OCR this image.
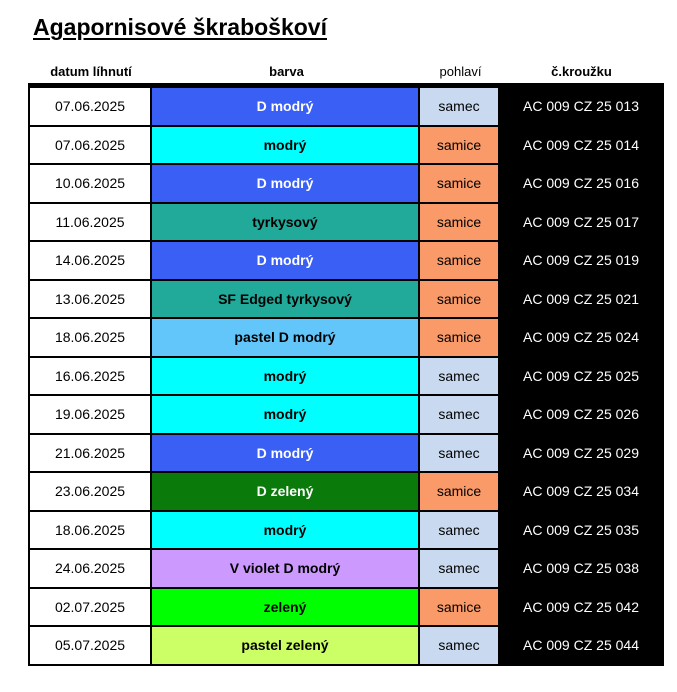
Agapornisové škraboškoví
datum líhnutí	barva	pohlaví	č.kroužku
07.06.2025	D modrý	samec	AC 009 CZ 25 013
07.06.2025	modrý	samice	AC 009 CZ 25 014
10.06.2025	D modrý	samice	AC 009 CZ 25 016
11.06.2025	tyrkysový	samice	AC 009 CZ 25 017
14.06.2025	D modrý	samice	AC 009 CZ 25 019
13.06.2025	SF Edged tyrkysový	samice	AC 009 CZ 25 021
18.06.2025	pastel D modrý	samice	AC 009 CZ 25 024
16.06.2025	modrý	samec	AC 009 CZ 25 025
19.06.2025	modrý	samec	AC 009 CZ 25 026
21.06.2025	D modrý	samec	AC 009 CZ 25 029
23.06.2025	D zelený	samice	AC 009 CZ 25 034
18.06.2025	modrý	samec	AC 009 CZ 25 035
24.06.2025	V violet D modrý	samec	AC 009 CZ 25 038
02.07.2025	zelený	samice	AC 009 CZ 25 042
05.07.2025	pastel zelený	samec	AC 009 CZ 25 044
